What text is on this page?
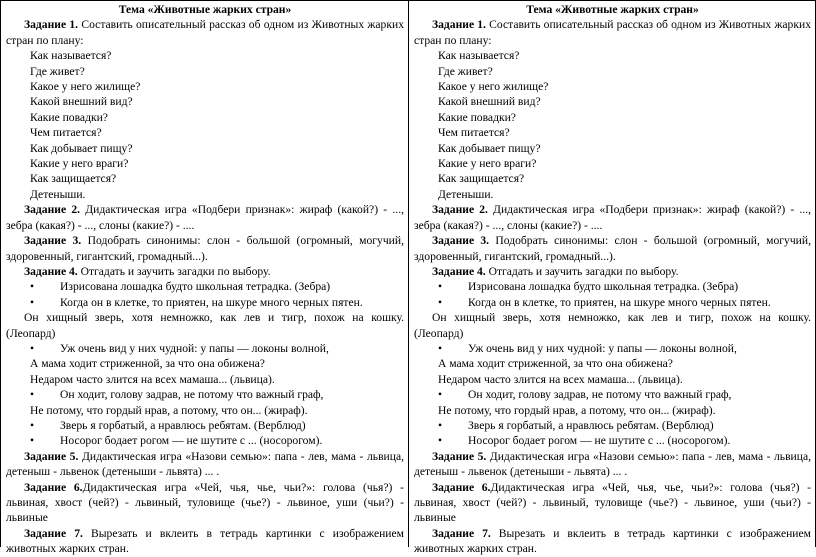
Тема «Животные жарких стран»
Задание 1. Составить описательный рассказ об одном из Животных жарких стран по плану:
Как называется?
Где живет?
Какое у него жилище?
Какой внешний вид?
Какие повадки?
Чем питается?
Как добывает пищу?
Какие у него враги?
Как защищается?
Детеныши.
Задание 2. Дидактическая игра «Подбери признак»: жираф (какой?) - ..., зебра (какая?) - ..., слоны (какие?) - ....
Задание 3. Подобрать синонимы: слон - большой (огромный, могучий, здоровенный, гигантский, громадный...).
Задание 4. Отгадать и заучить загадки по выбору.
•	Изрисована лошадка будто школьная тетрадка. (Зебра)
•	Когда он в клетке, то приятен, на шкуре много черных пятен.
Он хищный зверь, хотя немножко, как лев и тигр, похож на кошку. (Леопард)
•	Уж очень вид у них чудной: у папы — локоны волной,
А мама ходит стриженной, за что она обижена?
Недаром часто злится на всех мамаша... (львица).
•	Он ходит, голову задрав, не потому что важный граф,
Не потому, что гордый нрав, а потому, что он... (жираф).
•	Зверь я горбатый, а нравлюсь ребятам. (Верблюд)
•	Носорог бодает рогом — не шутите с ... (носорогом).
Задание 5. Дидактическая игра «Назови семью»: папа - лев, мама - львица, детеныш - львенок (детеныши - львята) ... .
Задание 6.Дидактическая игра «Чей, чья, чье, чьи?»: голова (чья?) - львиная, хвост (чей?) - львиный, туловище (чье?) - львиное, уши (чьи?) - львиные
Задание 7. Вырезать и вклеить в тетрадь картинки с изображением животных жарких стран.
Тема «Животные жарких стран»
Задание 1. Составить описательный рассказ об одном из Животных жарких стран по плану:
Как называется?
Где живет?
Какое у него жилище?
Какой внешний вид?
Какие повадки?
Чем питается?
Как добывает пищу?
Какие у него враги?
Как защищается?
Детеныши.
Задание 2. Дидактическая игра «Подбери признак»: жираф (какой?) - ..., зебра (какая?) - ..., слоны (какие?) - ....
Задание 3. Подобрать синонимы: слон - большой (огромный, могучий, здоровенный, гигантский, громадный...).
Задание 4. Отгадать и заучить загадки по выбору.
•	Изрисована лошадка будто школьная тетрадка. (Зебра)
•	Когда он в клетке, то приятен, на шкуре много черных пятен.
Он хищный зверь, хотя немножко, как лев и тигр, похож на кошку. (Леопард)
•	Уж очень вид у них чудной: у папы — локоны волной,
А мама ходит стриженной, за что она обижена?
Недаром часто злится на всех мамаша... (львица).
•	Он ходит, голову задрав, не потому что важный граф,
Не потому, что гордый нрав, а потому, что он... (жираф).
•	Зверь я горбатый, а нравлюсь ребятам. (Верблюд)
•	Носорог бодает рогом — не шутите с ... (носорогом).
Задание 5. Дидактическая игра «Назови семью»: папа - лев, мама - львица, детеныш - львенок (детеныши - львята) ... .
Задание 6.Дидактическая игра «Чей, чья, чье, чьи?»: голова (чья?) - львиная, хвост (чей?) - львиный, туловище (чье?) - львиное, уши (чьи?) - львиные
Задание 7. Вырезать и вклеить в тетрадь картинки с изображением животных жарких стран.
